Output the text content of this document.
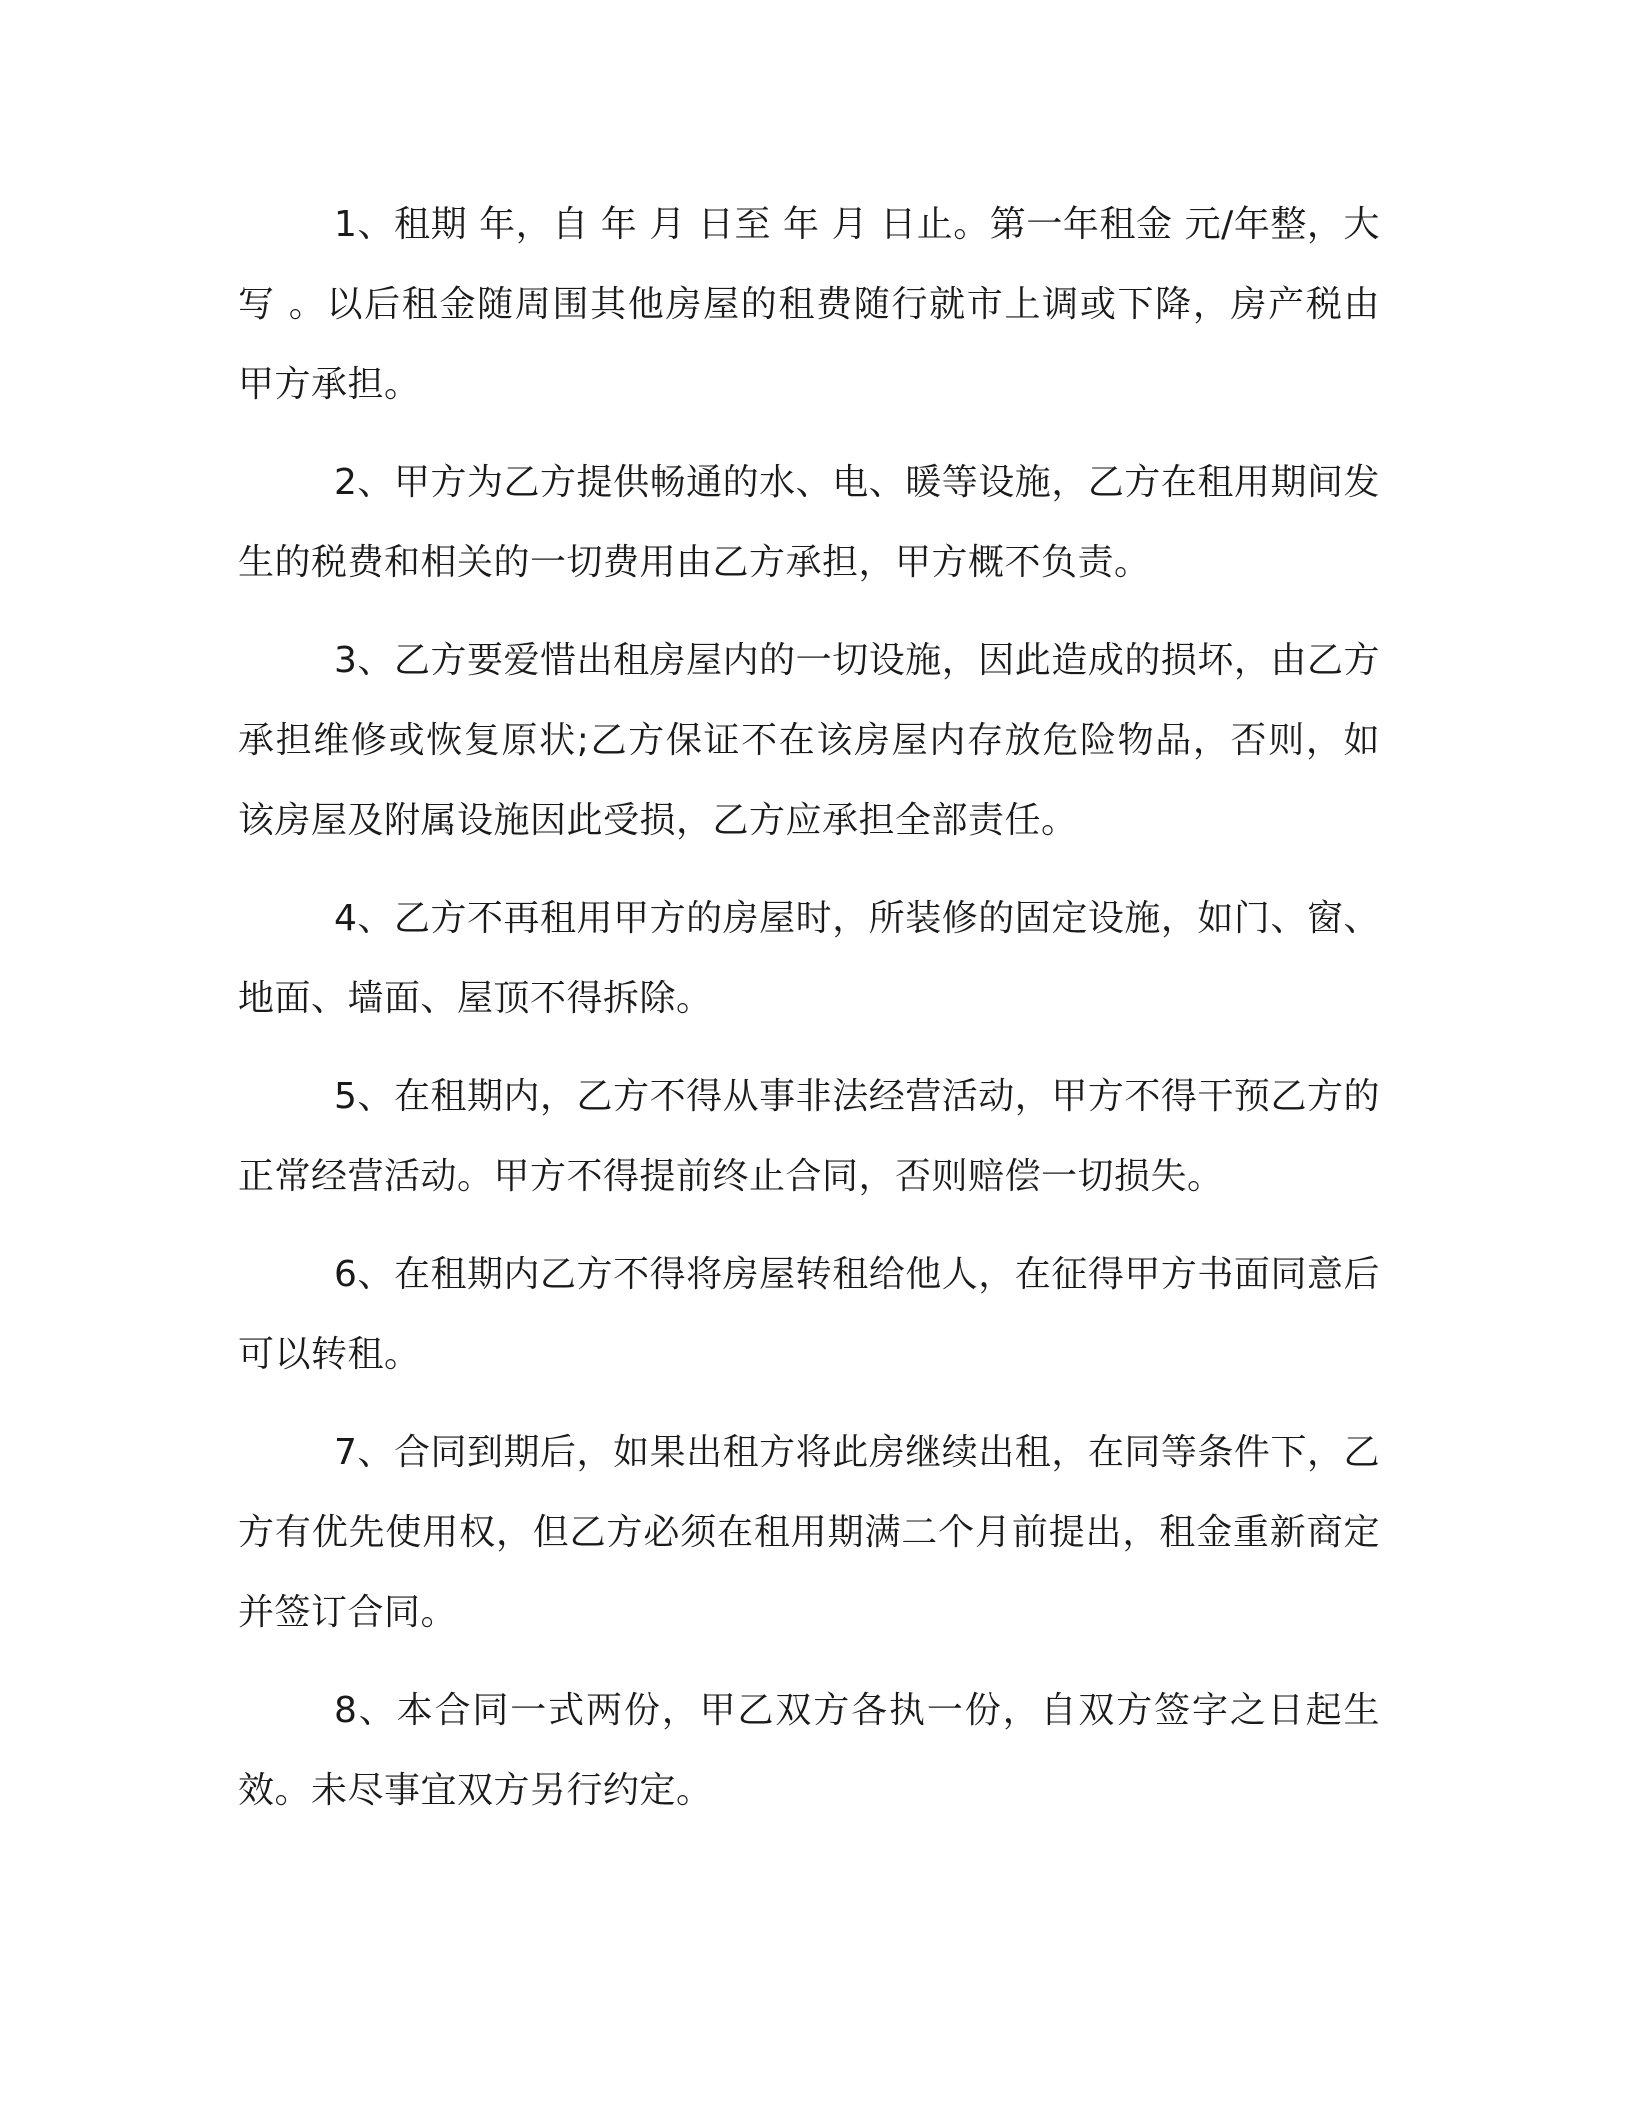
1、租期 年，自 年 月 日至 年 月 日止。第一年租金 元/年整，大写 。以后租金随周围其他房屋的租费随行就市上调或下降，房产税由甲方承担。

2、甲方为乙方提供畅通的水、电、暖等设施，乙方在租用期间发生的税费和相关的一切费用由乙方承担，甲方概不负责。

3、乙方要爱惜出租房屋内的一切设施，因此造成的损坏，由乙方承担维修或恢复原状;乙方保证不在该房屋内存放危险物品，否则，如该房屋及附属设施因此受损，乙方应承担全部责任。

4、乙方不再租用甲方的房屋时，所装修的固定设施，如门、窗、地面、墙面、屋顶不得拆除。

5、在租期内，乙方不得从事非法经营活动，甲方不得干预乙方的正常经营活动。甲方不得提前终止合同，否则赔偿一切损失。

6、在租期内乙方不得将房屋转租给他人，在征得甲方书面同意后可以转租。

7、合同到期后，如果出租方将此房继续出租，在同等条件下，乙方有优先使用权，但乙方必须在租用期满二个月前提出，租金重新商定并签订合同。

8、本合同一式两份，甲乙双方各执一份，自双方签字之日起生效。未尽事宜双方另行约定。
